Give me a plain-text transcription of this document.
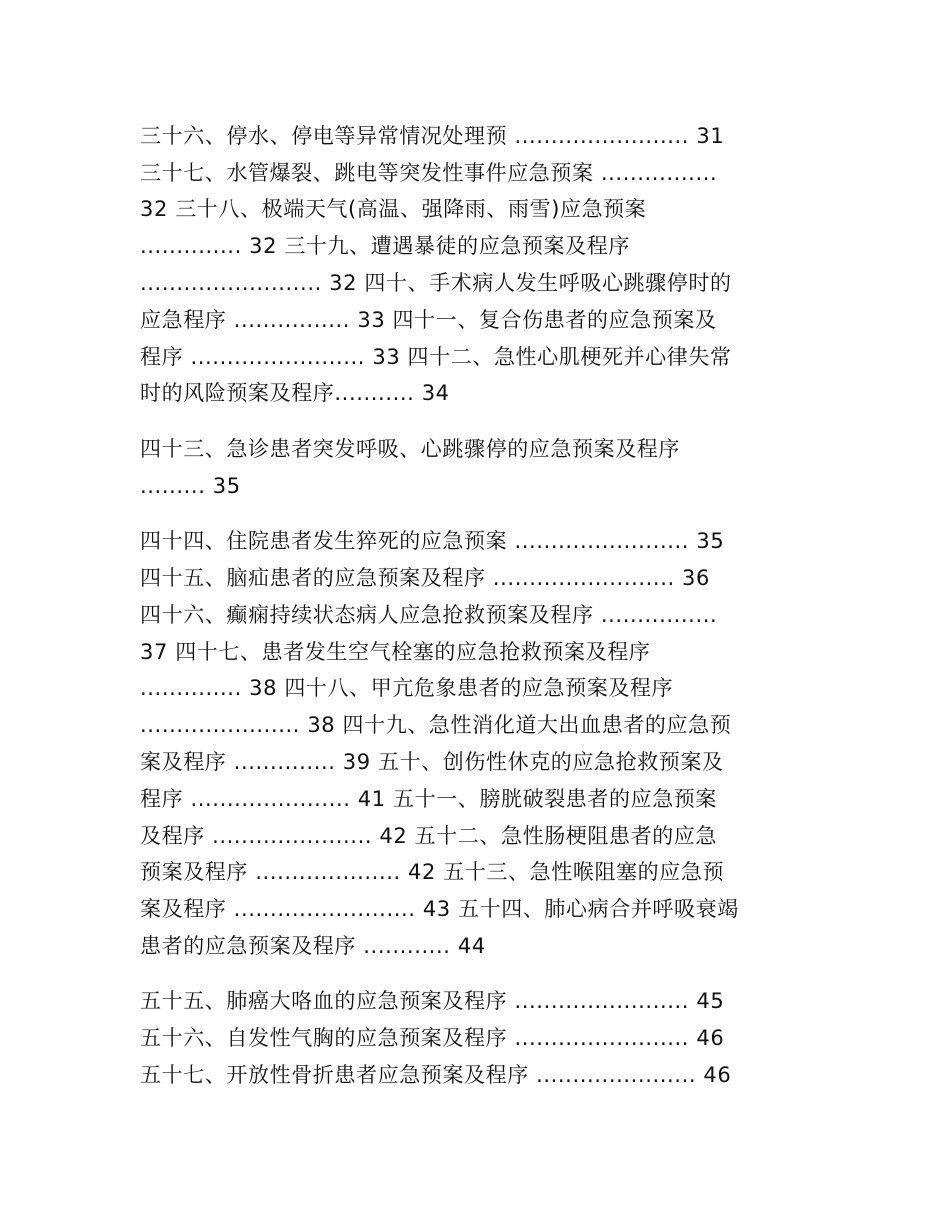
三十六、停水、停电等异常情况处理预 ........................ 31
三十七、水管爆裂、跳电等突发性事件应急预案 ................
32 三十八、极端天气(高温、强降雨、雨雪)应急预案
.............. 32 三十九、遭遇暴徒的应急预案及程序
......................... 32 四十、手术病人发生呼吸心跳骤停时的
应急程序 ................ 33 四十一、复合伤患者的应急预案及
程序 ........................ 33 四十二、急性心肌梗死并心律失常
时的风险预案及程序........... 34
四十三、急诊患者突发呼吸、心跳骤停的应急预案及程序
......... 35
四十四、住院患者发生猝死的应急预案 ........................ 35
四十五、脑疝患者的应急预案及程序 ......................... 36
四十六、癫痫持续状态病人应急抢救预案及程序 ................
37 四十七、患者发生空气栓塞的应急抢救预案及程序
.............. 38 四十八、甲亢危象患者的应急预案及程序
...................... 38 四十九、急性消化道大出血患者的应急预
案及程序 .............. 39 五十、创伤性休克的应急抢救预案及
程序 ...................... 41 五十一、膀胱破裂患者的应急预案
及程序 ...................... 42 五十二、急性肠梗阻患者的应急
预案及程序 .................... 42 五十三、急性喉阻塞的应急预
案及程序 ......................... 43 五十四、肺心病合并呼吸衰竭
患者的应急预案及程序 ............ 44
五十五、肺癌大咯血的应急预案及程序 ........................ 45
五十六、自发性气胸的应急预案及程序 ........................ 46
五十七、开放性骨折患者应急预案及程序 ...................... 46
